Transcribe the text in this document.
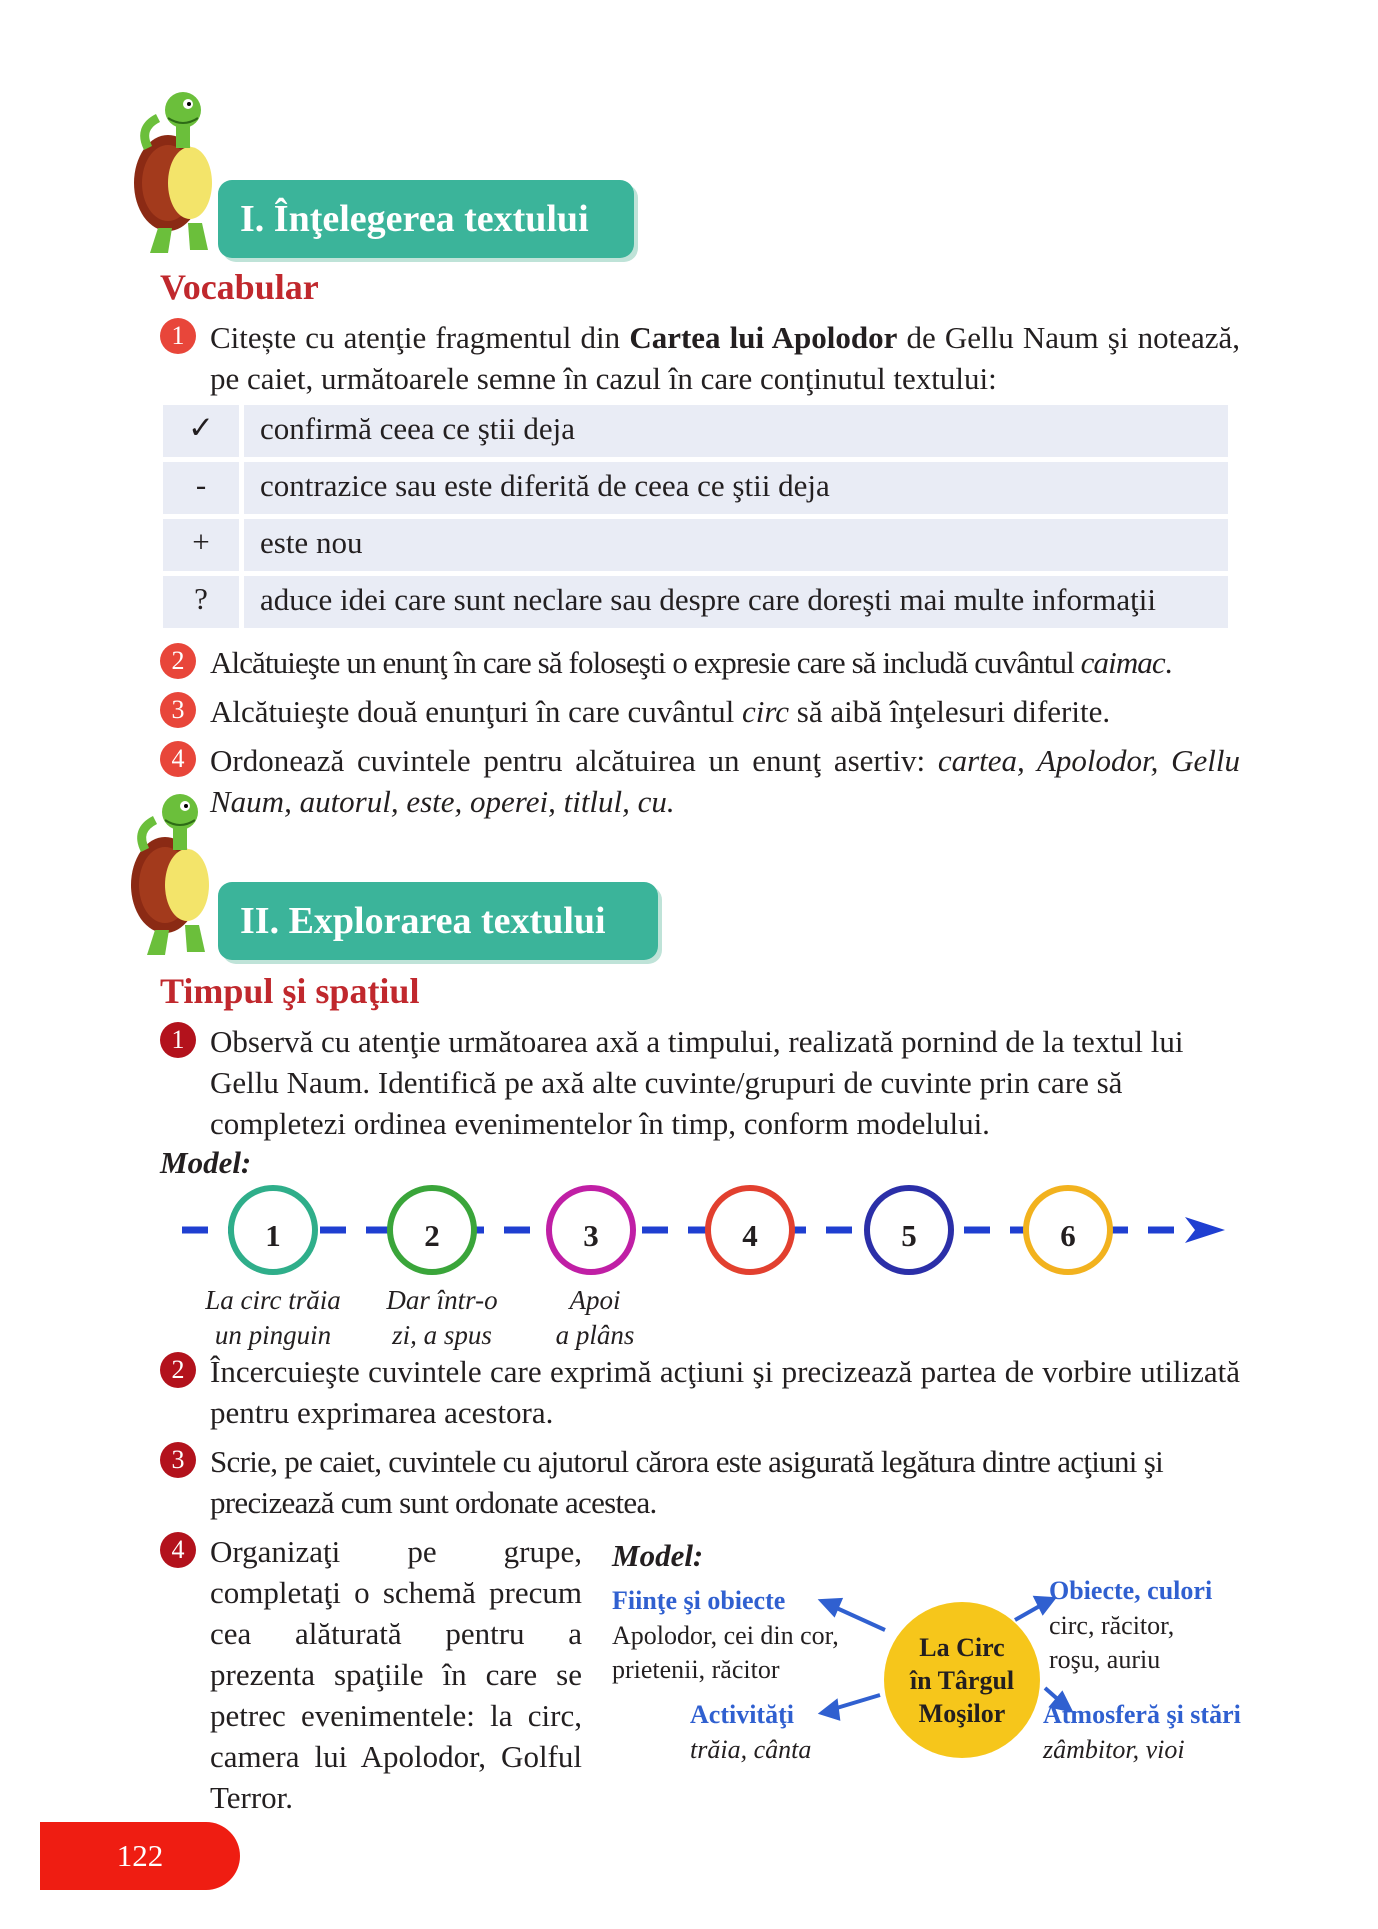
I. Înţelegerea textului
Vocabular
1 Citește cu atenţie fragmentul din Cartea lui Apolodor de Gellu Naum şi notează, pe caiet, următoarele semne în cazul în care conţinutul textului:
✓	confirmă ceea ce ştii deja
-	contrazice sau este diferită de ceea ce ştii deja
+	este nou
?	aduce idei care sunt neclare sau despre care doreşti mai multe informaţii
2 Alcătuieşte un enunţ în care să foloseşti o expresie care să includă cuvântul caimac.
3 Alcătuieşte două enunţuri în care cuvântul circ să aibă înţelesuri diferite.
4 Ordonează cuvintele pentru alcătuirea un enunţ asertiv: cartea, Apolodor, Gellu Naum, autorul, este, operei, titlul, cu.
II. Explorarea textului
Timpul şi spaţiul
1 Observă cu atenţie următoarea axă a timpului, realizată pornind de la textul lui Gellu Naum. Identifică pe axă alte cuvinte/grupuri de cuvinte prin care să completezi ordinea evenimentelor în timp, conform modelului.
Model:
1	2	3	4	5	6
La circ trăia
un pinguin
Dar într-o
zi, a spus
Apoi
a plâns
2 Încercuieşte cuvintele care exprimă acţiuni şi precizează partea de vorbire utilizată pentru exprimarea acestora.
3 Scrie, pe caiet, cuvintele cu ajutorul cărora este asigurată legătura dintre acţiuni şi precizează cum sunt ordonate acestea.
4 Organizaţi pe grupe, completaţi o schemă precum cea alăturată pentru a prezenta spaţiile în care se petrec evenimentele: la circ, camera lui Apolodor, Golful Terror.
Model:
La Circ
în Târgul
Moşilor
Fiinţe şi obiecte
Apolodor, cei din cor,
prietenii, răcitor
Activităţi
trăia, cânta
Obiecte, culori
circ, răcitor,
roşu, auriu
Atmosferă şi stări
zâmbitor, vioi
122
